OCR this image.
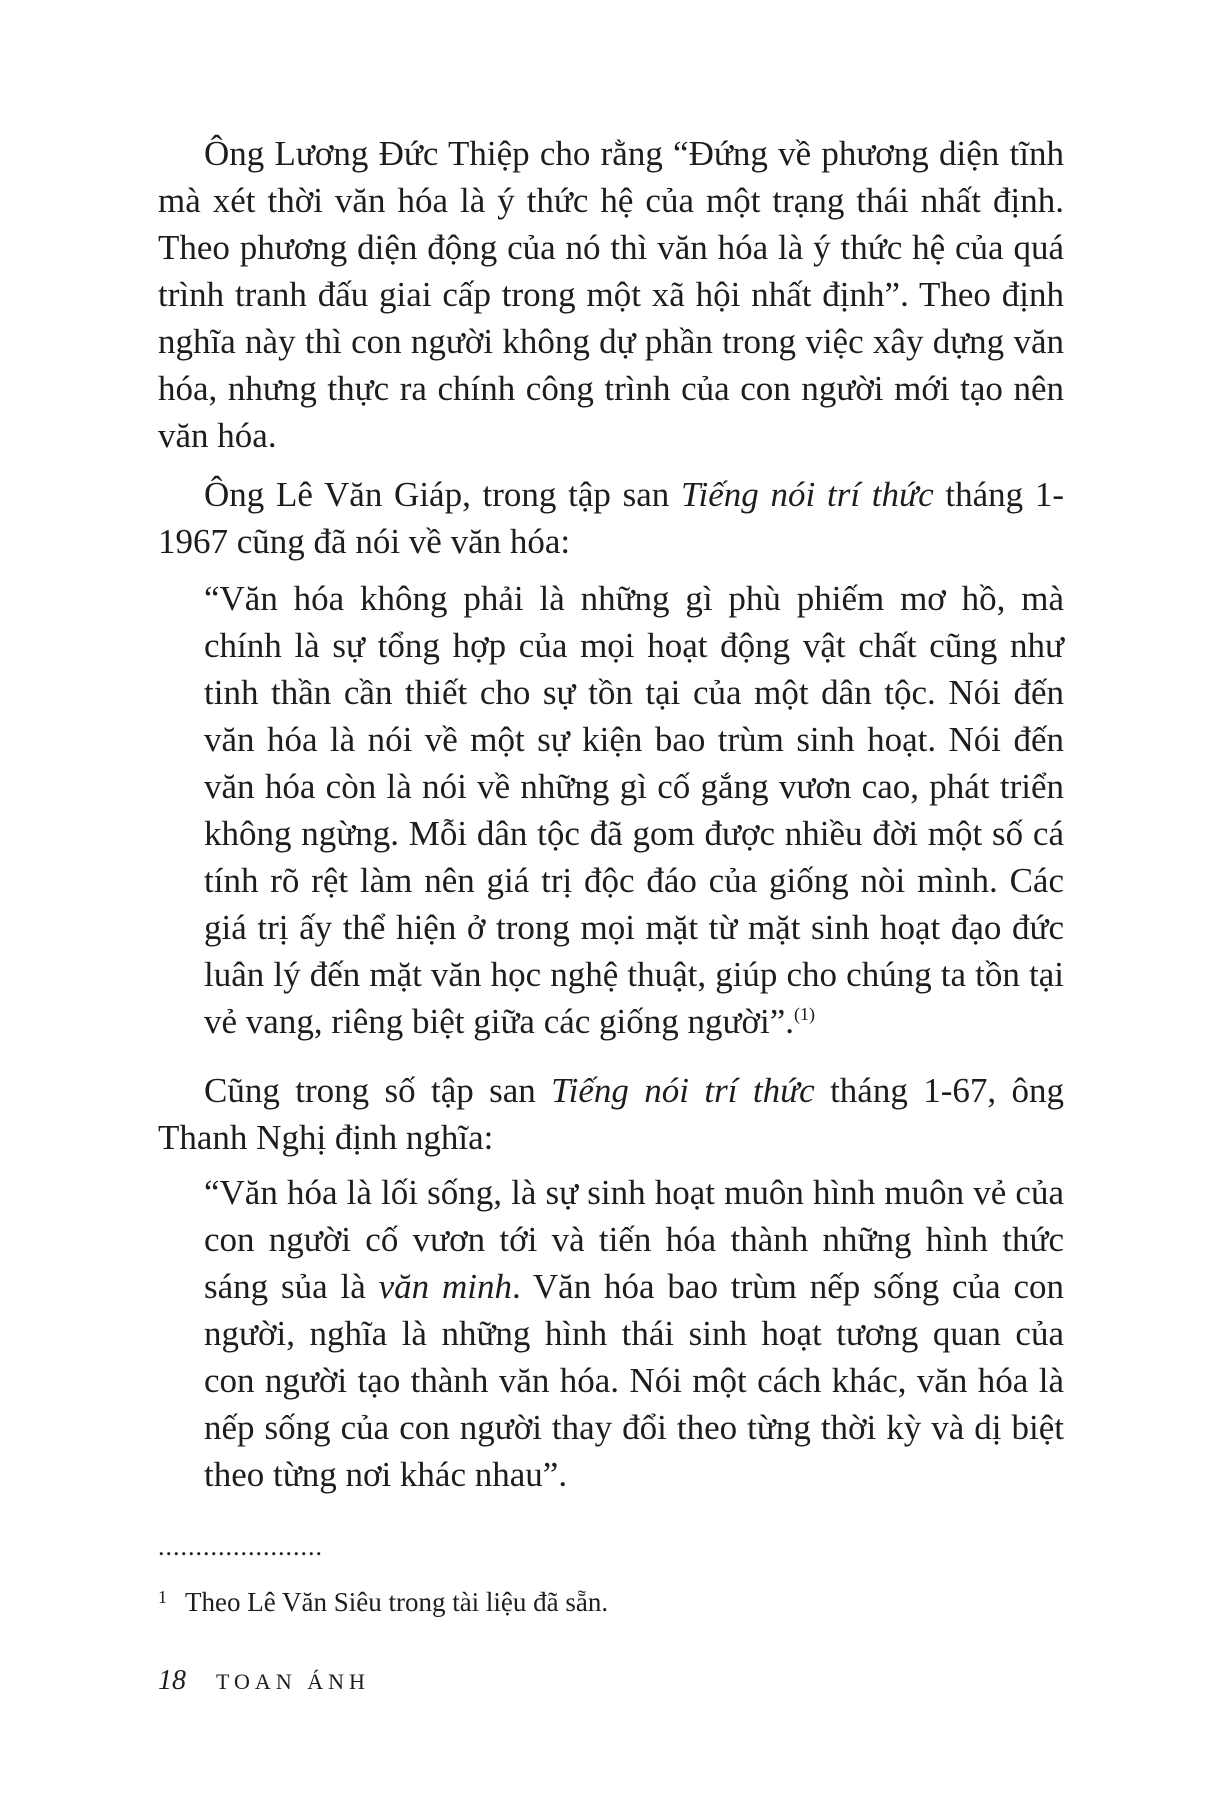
Ông Lương Đức Thiệp cho rằng “Đứng về phương diện tĩnh mà xét thời văn hóa là ý thức hệ của một trạng thái nhất định. Theo phương diện động của nó thì văn hóa là ý thức hệ của quá trình tranh đấu giai cấp trong một xã hội nhất định”. Theo định nghĩa này thì con người không dự phần trong việc xây dựng văn hóa, nhưng thực ra chính công trình của con người mới tạo nên văn hóa.

Ông Lê Văn Giáp, trong tập san Tiếng nói trí thức tháng 1-1967 cũng đã nói về văn hóa:

“Văn hóa không phải là những gì phù phiếm mơ hồ, mà chính là sự tổng hợp của mọi hoạt động vật chất cũng như tinh thần cần thiết cho sự tồn tại của một dân tộc. Nói đến văn hóa là nói về một sự kiện bao trùm sinh hoạt. Nói đến văn hóa còn là nói về những gì cố gắng vươn cao, phát triển không ngừng. Mỗi dân tộc đã gom được nhiều đời một số cá tính rõ rệt làm nên giá trị độc đáo của giống nòi mình. Các giá trị ấy thể hiện ở trong mọi mặt từ mặt sinh hoạt đạo đức luân lý đến mặt văn học nghệ thuật, giúp cho chúng ta tồn tại vẻ vang, riêng biệt giữa các giống người”.$^{(1)}$

Cũng trong số tập san Tiếng nói trí thức tháng 1-67, ông Thanh Nghị định nghĩa:

“Văn hóa là lối sống, là sự sinh hoạt muôn hình muôn vẻ của con người cố vươn tới và tiến hóa thành những hình thức sáng sủa là văn minh. Văn hóa bao trùm nếp sống của con người, nghĩa là những hình thái sinh hoạt tương quan của con người tạo thành văn hóa. Nói một cách khác, văn hóa là nếp sống của con người thay đổi theo từng thời kỳ và dị biệt theo từng nơi khác nhau”.

......................
$^1$ Theo Lê Văn Siêu trong tài liệu đã sẵn.
18 TOAN ÁNH
